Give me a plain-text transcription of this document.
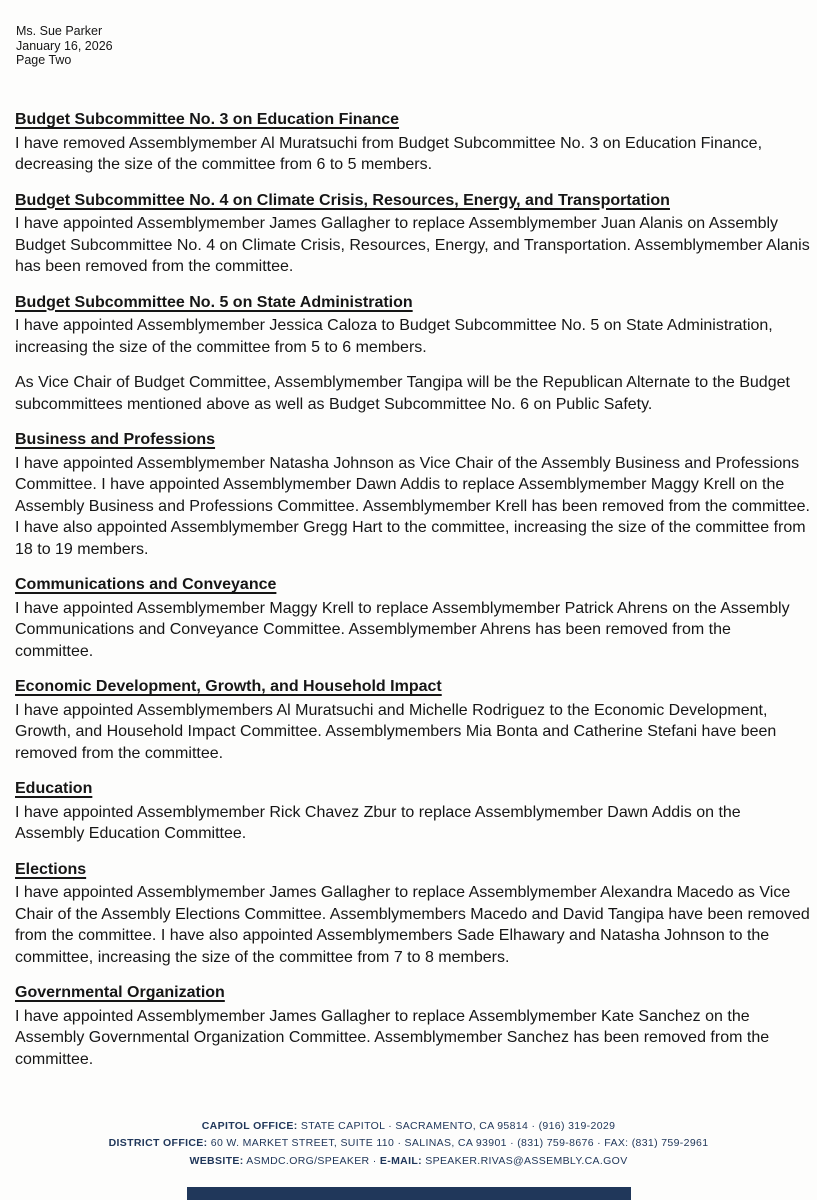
Ms. Sue Parker
January 16, 2026
Page Two
Budget Subcommittee No. 3 on Education Finance

I have removed Assemblymember Al Muratsuchi from Budget Subcommittee No. 3 on Education Finance, decreasing the size of the committee from 6 to 5 members.

Budget Subcommittee No. 4 on Climate Crisis, Resources, Energy, and Transportation

I have appointed Assemblymember James Gallagher to replace Assemblymember Juan Alanis on Assembly Budget Subcommittee No. 4 on Climate Crisis, Resources, Energy, and Transportation. Assemblymember Alanis has been removed from the committee.

Budget Subcommittee No. 5 on State Administration

I have appointed Assemblymember Jessica Caloza to Budget Subcommittee No. 5 on State Administration, increasing the size of the committee from 5 to 6 members.

As Vice Chair of Budget Committee, Assemblymember Tangipa will be the Republican Alternate to the Budget subcommittees mentioned above as well as Budget Subcommittee No. 6 on Public Safety.

Business and Professions

I have appointed Assemblymember Natasha Johnson as Vice Chair of the Assembly Business and Professions Committee. I have appointed Assemblymember Dawn Addis to replace Assemblymember Maggy Krell on the Assembly Business and Professions Committee. Assemblymember Krell has been removed from the committee. I have also appointed Assemblymember Gregg Hart to the committee, increasing the size of the committee from 18 to 19 members.

Communications and Conveyance

I have appointed Assemblymember Maggy Krell to replace Assemblymember Patrick Ahrens on the Assembly Communications and Conveyance Committee. Assemblymember Ahrens has been removed from the committee.

Economic Development, Growth, and Household Impact

I have appointed Assemblymembers Al Muratsuchi and Michelle Rodriguez to the Economic Development, Growth, and Household Impact Committee. Assemblymembers Mia Bonta and Catherine Stefani have been removed from the committee.

Education

I have appointed Assemblymember Rick Chavez Zbur to replace Assemblymember Dawn Addis on the Assembly Education Committee.

Elections

I have appointed Assemblymember James Gallagher to replace Assemblymember Alexandra Macedo as Vice Chair of the Assembly Elections Committee. Assemblymembers Macedo and David Tangipa have been removed from the committee. I have also appointed Assemblymembers Sade Elhawary and Natasha Johnson to the committee, increasing the size of the committee from 7 to 8 members.

Governmental Organization

I have appointed Assemblymember James Gallagher to replace Assemblymember Kate Sanchez on the Assembly Governmental Organization Committee. Assemblymember Sanchez has been removed from the committee.

CAPITOL OFFICE: STATE CAPITOL · SACRAMENTO, CA 95814 · (916) 319-2029
DISTRICT OFFICE: 60 W. MARKET STREET, SUITE 110 · SALINAS, CA 93901 · (831) 759-8676 · FAX: (831) 759-2961
WEBSITE: ASMDC.ORG/SPEAKER · E-MAIL: SPEAKER.RIVAS@ASSEMBLY.CA.GOV
